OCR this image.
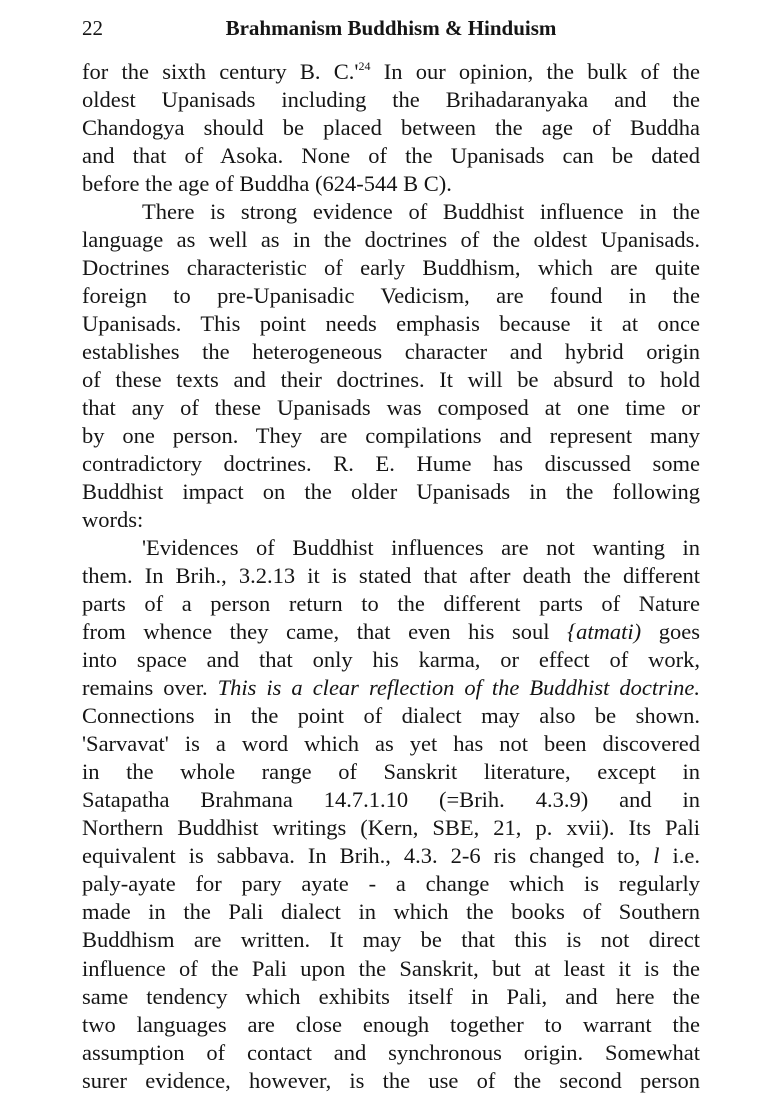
22	Brahmanism Buddhism & Hinduism
for the sixth century B. $C.'^{24}$ In our opinion, the bulk of the
oldest Upanisads including the Brihadaranyaka and the
Chandogya should be placed between the age of Buddha
and that of Asoka. None of the Upanisads can be dated
before the age of Buddha (624-544 B C).
There is strong evidence of Buddhist influence in the
language as well as in the doctrines of the oldest Upanisads.
Doctrines characteristic of early Buddhism, which are quite
foreign to pre-Upanisadic Vedicism, are found in the
Upanisads. This point needs emphasis because it at once
establishes the heterogeneous character and hybrid origin
of these texts and their doctrines. It will be absurd to hold
that any of these Upanisads was composed at one time or
by one person. They are compilations and represent many
contradictory doctrines. R. E. Hume has discussed some
Buddhist impact on the older Upanisads in the following
words:
'Evidences of Buddhist influences are not wanting in
them. In Brih., 3.2.13 it is stated that after death the different
parts of a person return to the different parts of Nature
from whence they came, that even his soul {atmati) goes
into space and that only his karma, or effect of work,
remains over. This is a clear reflection of the Buddhist doctrine.
Connections in the point of dialect may also be shown.
'Sarvavat' is a word which as yet has not been discovered
in the whole range of Sanskrit literature, except in
Satapatha Brahmana 14.7.1.10 (=Brih. 4.3.9) and in
Northern Buddhist writings (Kern, SBE, 21, p. xvii). Its Pali
equivalent is sabbava. In Brih., 4.3. 2-6 ris changed to, l i.e.
paly-ayate for pary ayate - a change which is regularly
made in the Pali dialect in which the books of Southern
Buddhism are written. It may be that this is not direct
influence of the Pali upon the Sanskrit, but at least it is the
same tendency which exhibits itself in Pali, and here the
two languages are close enough together to warrant the
assumption of contact and synchronous origin. Somewhat
surer evidence, however, is the use of the second person
